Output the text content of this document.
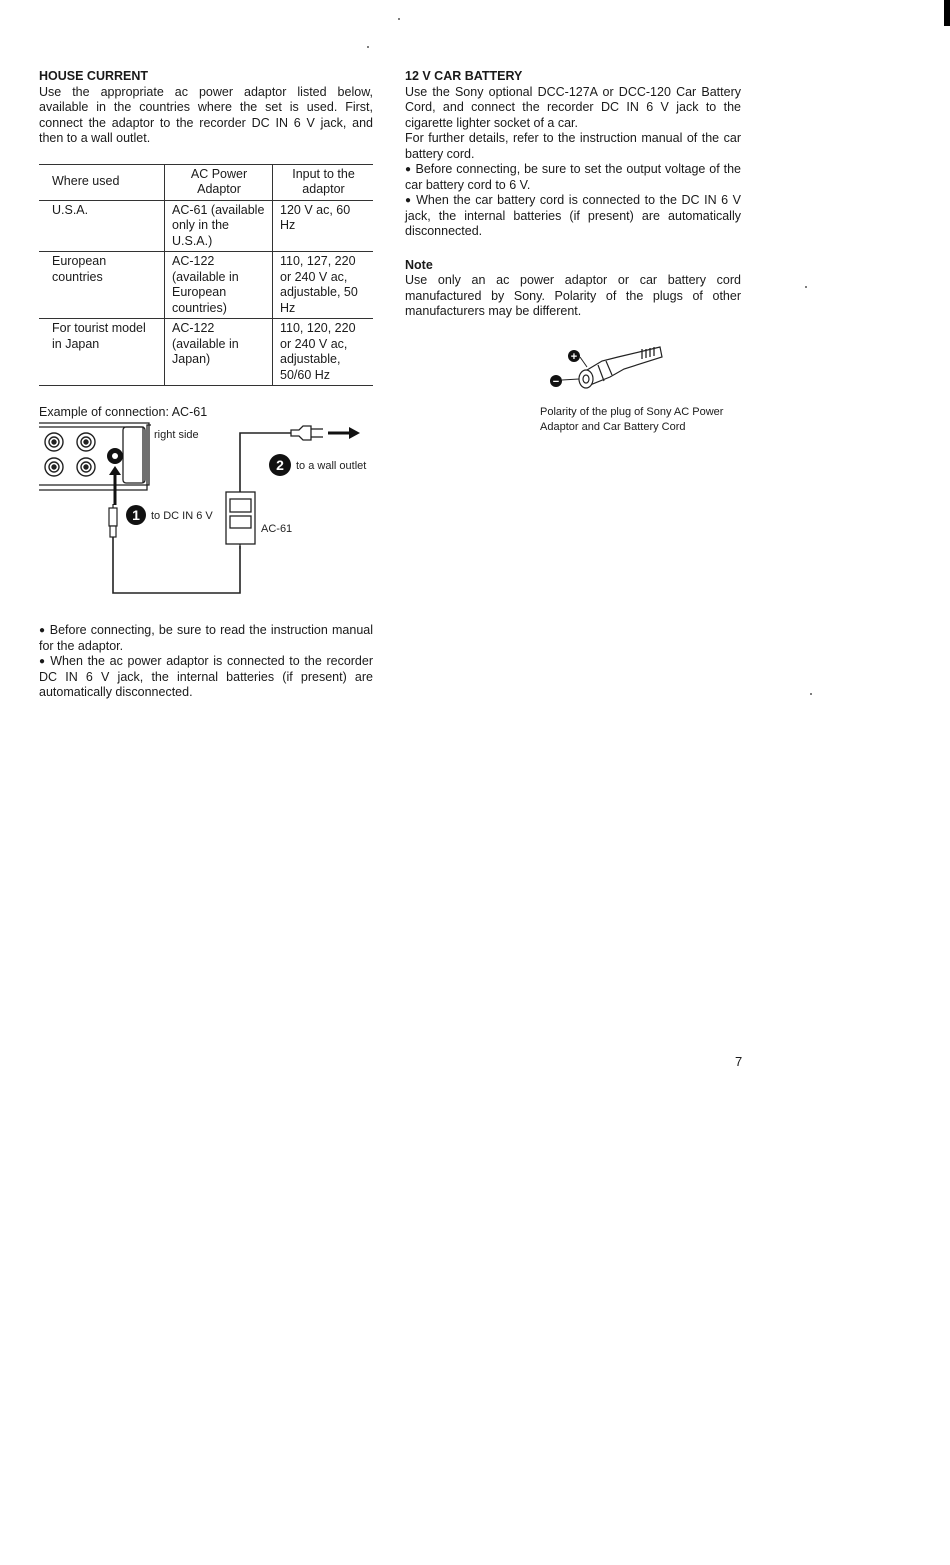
HOUSE CURRENT

Use the appropriate ac power adaptor listed below, available in the countries where the set is used. First, connect the adaptor to the recorder DC IN 6 V jack, and then to a wall outlet.

Where used	AC Power Adaptor	Input to the adaptor
U.S.A.	AC-61 (available only in the U.S.A.)	120 V ac, 60 Hz
European countries	AC-122 (available in European countries)	110, 127, 220 or 240 V ac, adjustable, 50 Hz
For tourist model in Japan	AC-122 (available in Japan)	110, 120, 220 or 240 V ac, adjustable, 50/60 Hz
Example of connection: AC-61
right side
1 to DC IN 6 V
AC-61
2 to a wall outlet

● Before connecting, be sure to read the instruction manual for the adaptor.

● When the ac power adaptor is connected to the recorder DC IN 6 V jack, the internal batteries (if present) are automatically disconnected.

12 V CAR BATTERY

Use the Sony optional DCC-127A or DCC-120 Car Battery Cord, and connect the recorder DC IN 6 V jack to the cigarette lighter socket of a car.

For further details, refer to the instruction manual of the car battery cord.

● Before connecting, be sure to set the output voltage of the car battery cord to 6 V.

● When the car battery cord is connected to the DC IN 6 V jack, the internal batteries (if present) are automatically disconnected.

Note

Use only an ac power adaptor or car battery cord manufactured by Sony. Polarity of the plugs of other manufacturers may be different.

+
−
Polarity of the plug of Sony AC Power Adaptor and Car Battery Cord
7
